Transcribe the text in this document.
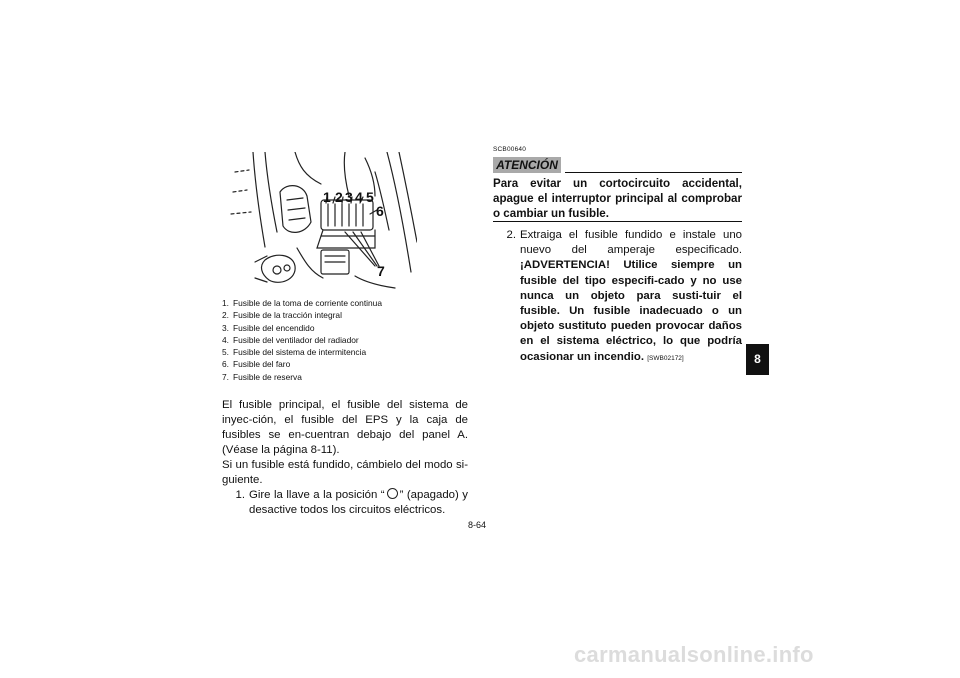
1 2 3 4 5
6
7
1. Fusible de la toma de corriente continua
2. Fusible de la tracción integral
3. Fusible del encendido
4. Fusible del ventilador del radiador
5. Fusible del sistema de intermitencia
6. Fusible del faro
7. Fusible de reserva

El fusible principal, el fusible del sistema de inyec-ción, el fusible del EPS y la caja de fusibles se en-cuentran debajo del panel A. (Véase la página 8-11).

Si un fusible está fundido, cámbielo del modo si-guiente.

1. Gire la llave a la posición “ ” (apagado) y desactive todos los circuitos eléctricos.
SCB00640
ATENCIÓN

Para evitar un cortocircuito accidental, apague el interruptor principal al comprobar o cambiar un fusible.

2. Extraiga el fusible fundido e instale uno nuevo del amperaje especificado. ¡ADVERTENCIA! Utilice siempre un fusible del tipo especifi-cado y no use nunca un objeto para susti-tuir el fusible. Un fusible inadecuado o un objeto sustituto pueden provocar daños en el sistema eléctrico, lo que podría ocasionar un incendio. [SWB02172]
8-64
8
carmanualsonline.info
